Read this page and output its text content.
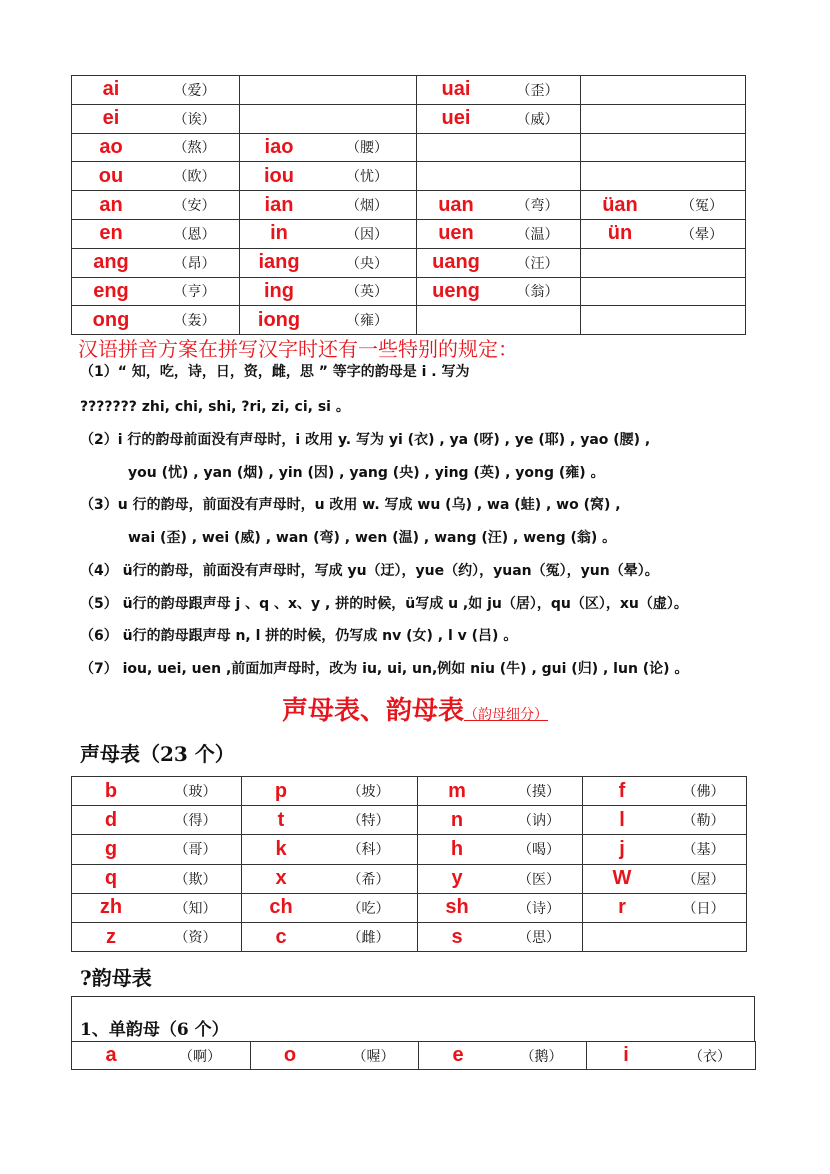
ai （爱）		uai （歪）	

ei （诶）		uei （威）	

ao （熬）	iao （腰）		

ou （欧）	iou （忧）		

an （安）	ian （烟）	uan （弯）	üan （冤）

en （恩）	in （因）	uen （温）	ün （晕）

ang （昂）	iang （央）	uang （汪）	

eng （亨）	ing （英）	ueng （翁）	

ong （轰）	iong （雍）		

汉语拼音方案在拼写汉字时还有一些特别的规定：
（1）“ 知，吃，诗，日，资，雌，思 ” 等字的韵母是 i . 写为
??????? zhi, chi, shi, ?ri, zi, ci, si 。
（2）i 行的韵母前面没有声母时，i 改用 y. 写为 yi (衣) , ya (呀) , ye (耶) , yao (腰) ,
you (忧) , yan (烟) , yin (因) , yang (央) , ying (英) , yong (雍) 。
（3）u 行的韵母，前面没有声母时，u 改用 w. 写成 wu (乌) , wa (蛙) , wo (窝) ,
wai (歪) , wei (威) , wan (弯) , wen (温) , wang (汪) , weng (翁) 。
（4） ü行的韵母，前面没有声母时，写成 yu（迂），yue（约），yuan（冤），yun（晕）。
（5） ü行的韵母跟声母 j 、q 、x、y , 拼的时候，ü写成 u ,如 ju（居），qu（区），xu（虚）。
（6） ü行的韵母跟声母 n, l 拼的时候，仍写成 nv (女) , l v (吕) 。
（7） iou, uei, uen ,前面加声母时，改为 iu, ui, un,例如 niu (牛) , gui (归) , lun (论) 。
声母表、韵母表（韵母细分）
声母表（23 个）
b （玻）	p （坡）	m （摸）	f （佛）

d （得）	t （特）	n （讷）	l （勒）

g （哥）	k （科）	h （喝）	j （基）

q （欺）	x （希）	y （医）	W （屋）

zh （知）	ch （吃）	sh （诗）	r （日）

z （资）	c （雌）	s （思）	

?韵母表
1、单韵母（6 个）
a	（啊）	o	（喔）	e	（鹅）	i	（衣）
